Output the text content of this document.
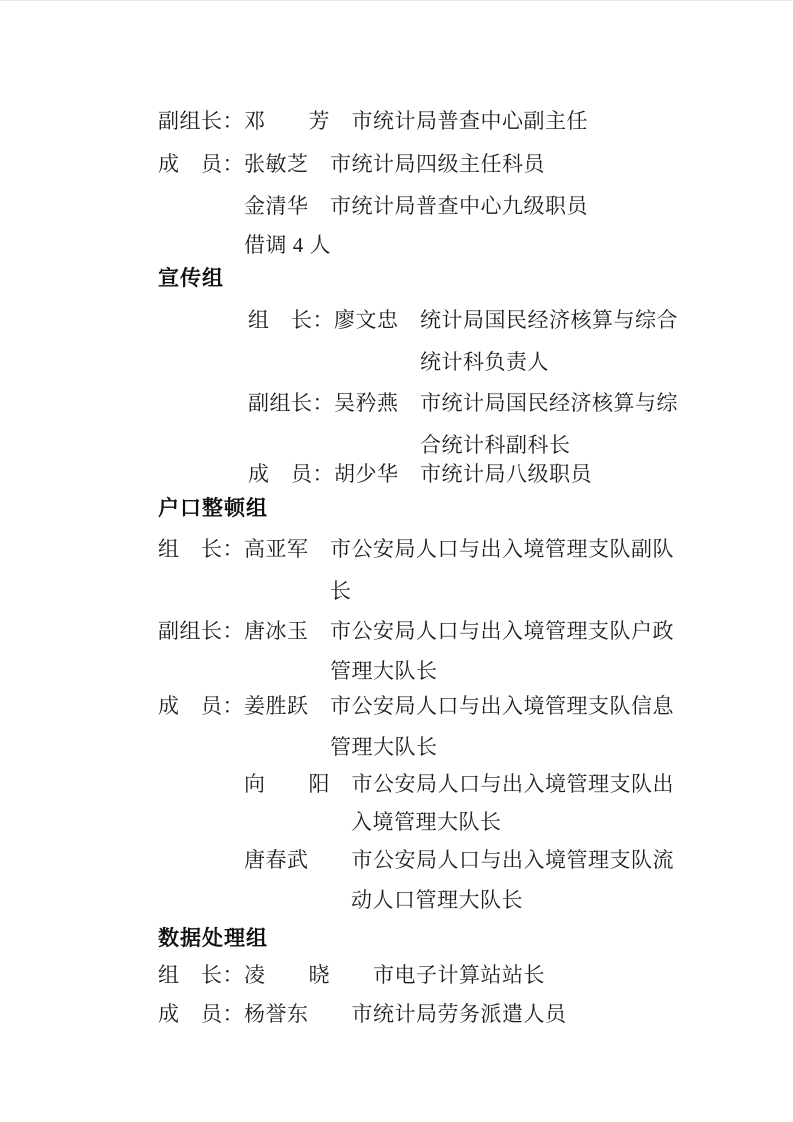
副组长：邓　　芳　市统计局普查中心副主任
成　员：张敏芝　市统计局四级主任科员
金清华　市统计局普查中心九级职员
借调 4 人
宣传组
组　长：廖文忠　统计局国民经济核算与综合
统计科负责人
副组长：吴矜燕　市统计局国民经济核算与综
合统计科副科长
成　员：胡少华　市统计局八级职员
户口整顿组
组　长：高亚军　市公安局人口与出入境管理支队副队
长
副组长：唐冰玉　市公安局人口与出入境管理支队户政
管理大队长
成　员：姜胜跃　市公安局人口与出入境管理支队信息
管理大队长
向　　阳　市公安局人口与出入境管理支队出
入境管理大队长
唐春武　　市公安局人口与出入境管理支队流
动人口管理大队长
数据处理组
组　长：凌　　晓　　市电子计算站站长
成　员：杨誉东　　市统计局劳务派遣人员
